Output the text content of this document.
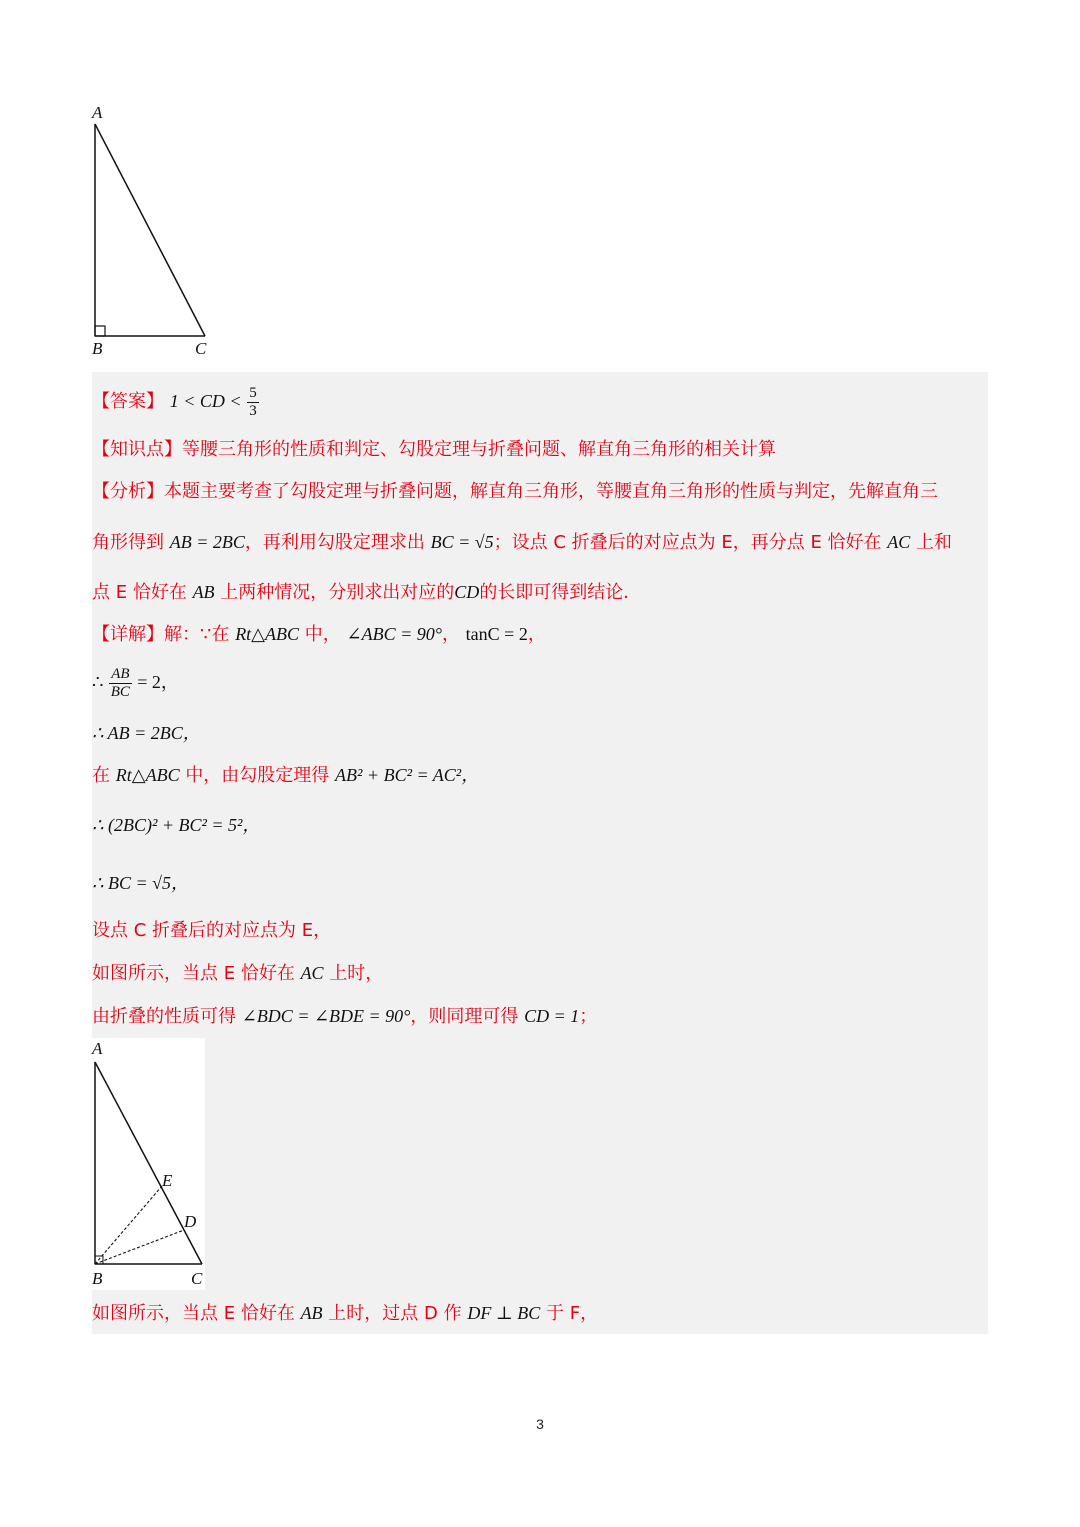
A
B	C
【答案】 1 < CD < $\frac{5}{3}$
【知识点】等腰三角形的性质和判定、勾股定理与折叠问题、解直角三角形的相关计算
【分析】本题主要考查了勾股定理与折叠问题，解直角三角形，等腰直角三角形的性质与判定，先解直角三
角形得到 AB = 2BC，再利用勾股定理求出 BC = √5；设点 C 折叠后的对应点为 E，再分点 E 恰好在 AC 上和
点 E 恰好在 AB 上两种情况，分别求出对应的CD的长即可得到结论．
【详解】解：∵在 Rt△ABC 中， ∠ABC = 90°， tanC = 2，
∴ $\frac{AB}{BC} = 2$，
∴ AB = 2BC，
在 Rt△ABC 中，由勾股定理得 AB² + BC² = AC²，
∴ (2BC)² + BC² = 5²，
∴ BC = √5，
设点 C 折叠后的对应点为 E，
如图所示，当点 E 恰好在 AC 上时，
由折叠的性质可得 ∠BDC = ∠BDE = 90°，则同理可得 CD = 1；
A
E
D
B	C
如图所示，当点 E 恰好在 AB 上时，过点 D 作 DF ⊥ BC 于 F，
3
